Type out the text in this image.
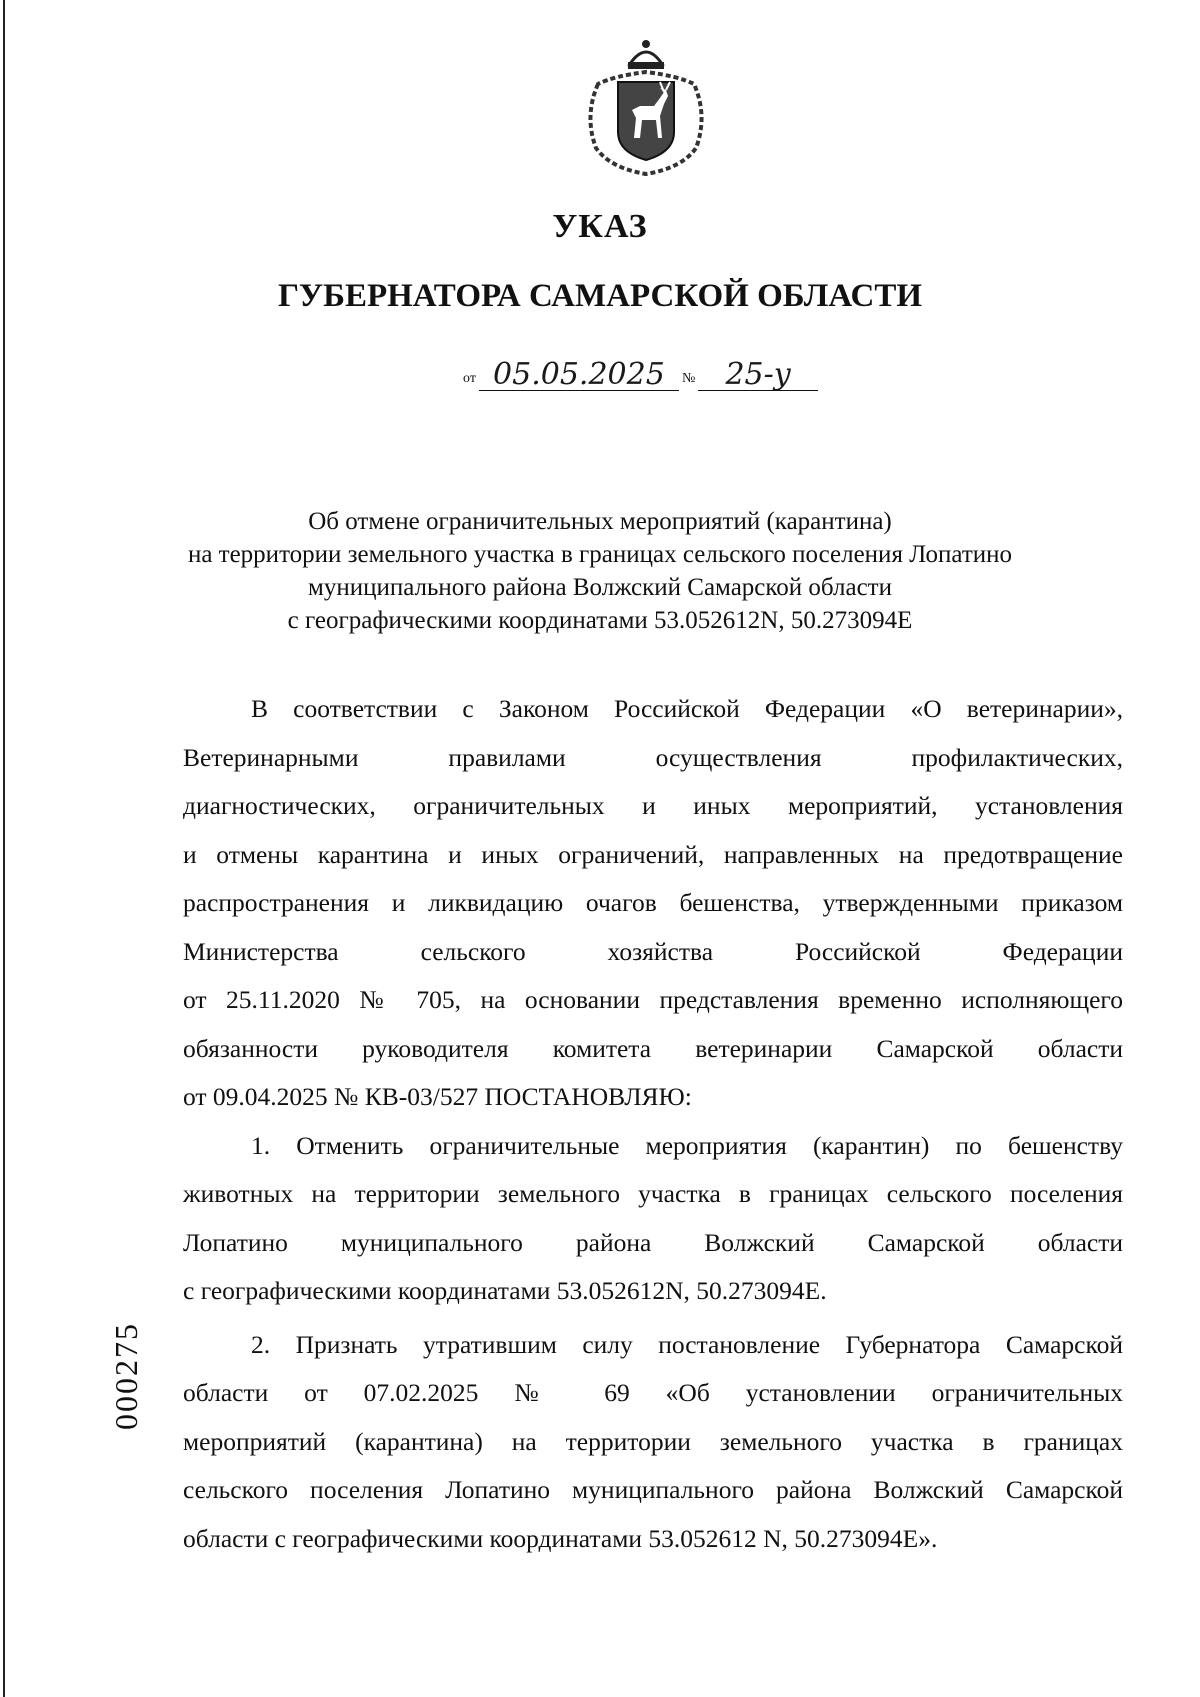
УКАЗ
ГУБЕРНАТОРА САМАРСКОЙ ОБЛАСТИ
от 05.05.2025 № 25-у
Об отмене ограничительных мероприятий (карантина)
на территории земельного участка в границах сельского поселения Лопатино
муниципального района Волжский Самарской области
с географическими координатами 53.052612N, 50.273094E
В соответствии с Законом Российской Федерации «О ветеринарии»,
Ветеринарными правилами осуществления профилактических,
диагностических, ограничительных и иных мероприятий, установления
и отмены карантина и иных ограничений, направленных на предотвращение
распространения и ликвидацию очагов бешенства, утвержденными приказом
Министерства сельского хозяйства Российской Федерации
от 25.11.2020 № 705, на основании представления временно исполняющего
обязанности руководителя комитета ветеринарии Самарской области
от 09.04.2025 № КВ-03/527 ПОСТАНОВЛЯЮ:
1. Отменить ограничительные мероприятия (карантин) по бешенству
животных на территории земельного участка в границах сельского поселения
Лопатино муниципального района Волжский Самарской области
с географическими координатами 53.052612N, 50.273094E.
2. Признать утратившим силу постановление Губернатора Самарской
области от 07.02.2025 № 69 «Об установлении ограничительных
мероприятий (карантина) на территории земельного участка в границах
сельского поселения Лопатино муниципального района Волжский Самарской
области с географическими координатами 53.052612 N, 50.273094E».
000275
